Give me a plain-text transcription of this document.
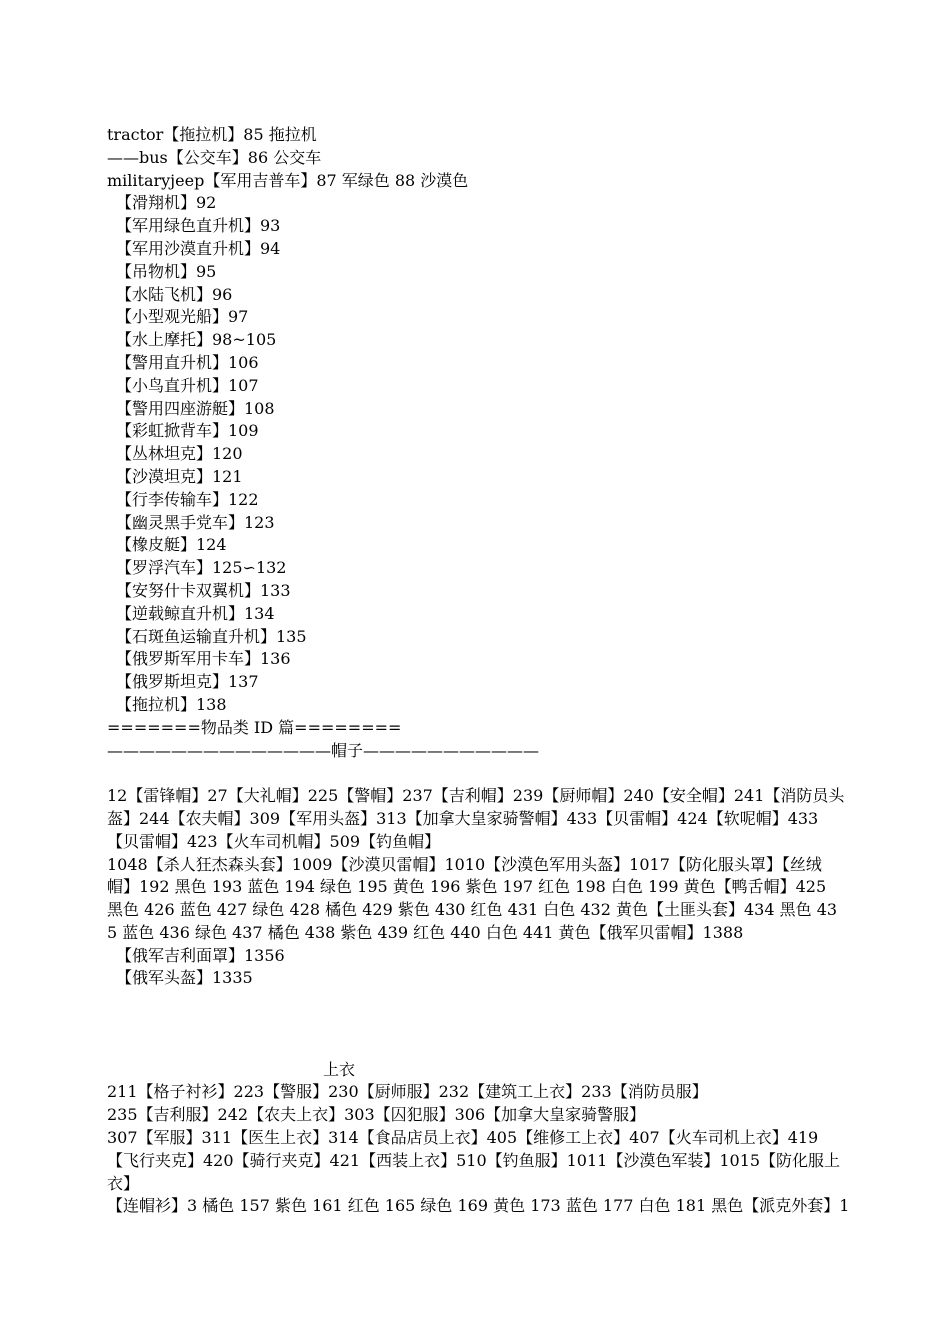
tractor【拖拉机】85 拖拉机
——bus【公交车】86 公交车
militaryjeep【军用吉普车】87 军绿色 88 沙漠色
【滑翔机】92
【军用绿色直升机】93
【军用沙漠直升机】94
【吊物机】95
【水陆飞机】96
【小型观光船】97
【水上摩托】98~105
【警用直升机】106
【小鸟直升机】107
【警用四座游艇】108
【彩虹掀背车】109
【丛林坦克】120
【沙漠坦克】121
【行李传输车】122
【幽灵黑手党车】123
【橡皮艇】124
【罗浮汽车】125∽132
【安努什卡双翼机】133
【逆载鲸直升机】134
【石斑鱼运输直升机】135
【俄罗斯军用卡车】136
【俄罗斯坦克】137
【拖拉机】138
=======物品类 ID 篇========
——————————————帽子———————————
12【雷锋帽】27【大礼帽】225【警帽】237【吉利帽】239【厨师帽】240【安全帽】241【消防员头盔】244【农夫帽】309【军用头盔】313【加拿大皇家骑警帽】433【贝雷帽】424【软呢帽】433【贝雷帽】423【火车司机帽】509【钓鱼帽】
1048【杀人狂杰森头套】1009【沙漠贝雷帽】1010【沙漠色军用头盔】1017【防化服头罩】【丝绒帽】192 黑色 193 蓝色 194 绿色 195 黄色 196 紫色 197 红色 198 白色 199 黄色【鸭舌帽】425 黑色 426 蓝色 427 绿色 428 橘色 429 紫色 430 红色 431 白色 432 黄色【土匪头套】434 黑色 435 蓝色 436 绿色 437 橘色 438 紫色 439 红色 440 白色 441 黄色【俄军贝雷帽】1388
【俄军吉利面罩】1356
【俄军头盔】1335
上衣
211【格子衬衫】223【警服】230【厨师服】232【建筑工上衣】233【消防员服】
235【吉利服】242【农夫上衣】303【囚犯服】306【加拿大皇家骑警服】
307【军服】311【医生上衣】314【食品店员上衣】405【维修工上衣】407【火车司机上衣】419【飞行夹克】420【骑行夹克】421【西装上衣】510【钓鱼服】1011【沙漠色军装】1015【防化服上衣】
【连帽衫】3 橘色 157 紫色 161 红色 165 绿色 169 黄色 173 蓝色 177 白色 181 黑色【派克外套】1
